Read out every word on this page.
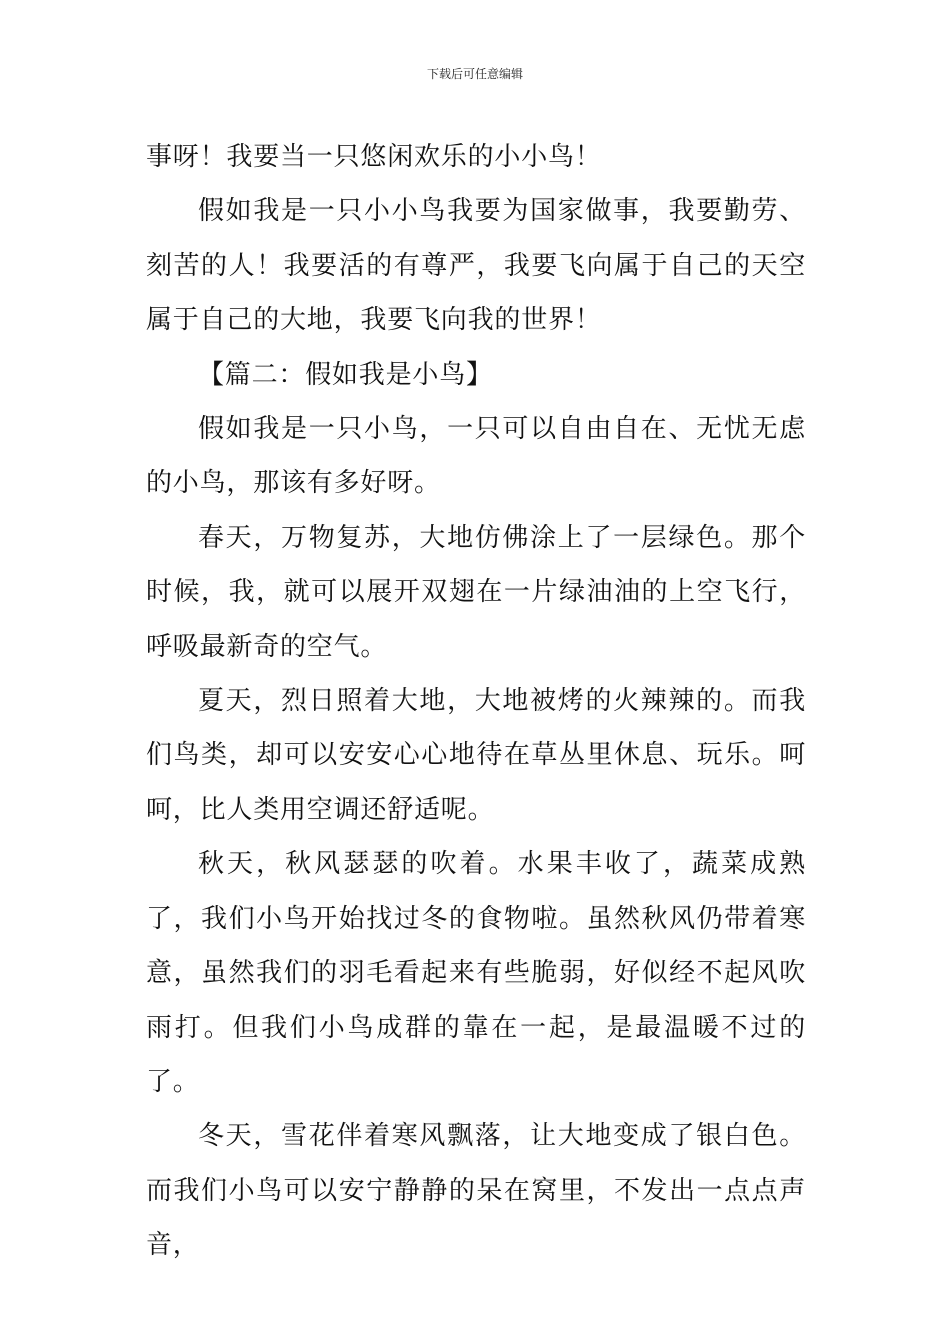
下载后可任意编辑

事呀！我要当一只悠闲欢乐的小小鸟！

假如我是一只小小鸟我要为国家做事，我要勤劳、刻苦的人！我要活的有尊严，我要飞向属于自己的天空属于自己的大地，我要飞向我的世界！

【篇二：假如我是小鸟】

假如我是一只小鸟，一只可以自由自在、无忧无虑的小鸟，那该有多好呀。

春天，万物复苏，大地仿佛涂上了一层绿色。那个时候，我，就可以展开双翅在一片绿油油的上空飞行，呼吸最新奇的空气。

夏天，烈日照着大地，大地被烤的火辣辣的。而我们鸟类，却可以安安心心地待在草丛里休息、玩乐。呵呵，比人类用空调还舒适呢。

秋天，秋风瑟瑟的吹着。水果丰收了，蔬菜成熟了，我们小鸟开始找过冬的食物啦。虽然秋风仍带着寒意，虽然我们的羽毛看起来有些脆弱，好似经不起风吹雨打。但我们小鸟成群的靠在一起，是最温暖不过的了。

冬天，雪花伴着寒风飘落，让大地变成了银白色。而我们小鸟可以安宁静静的呆在窝里，不发出一点点声音，
